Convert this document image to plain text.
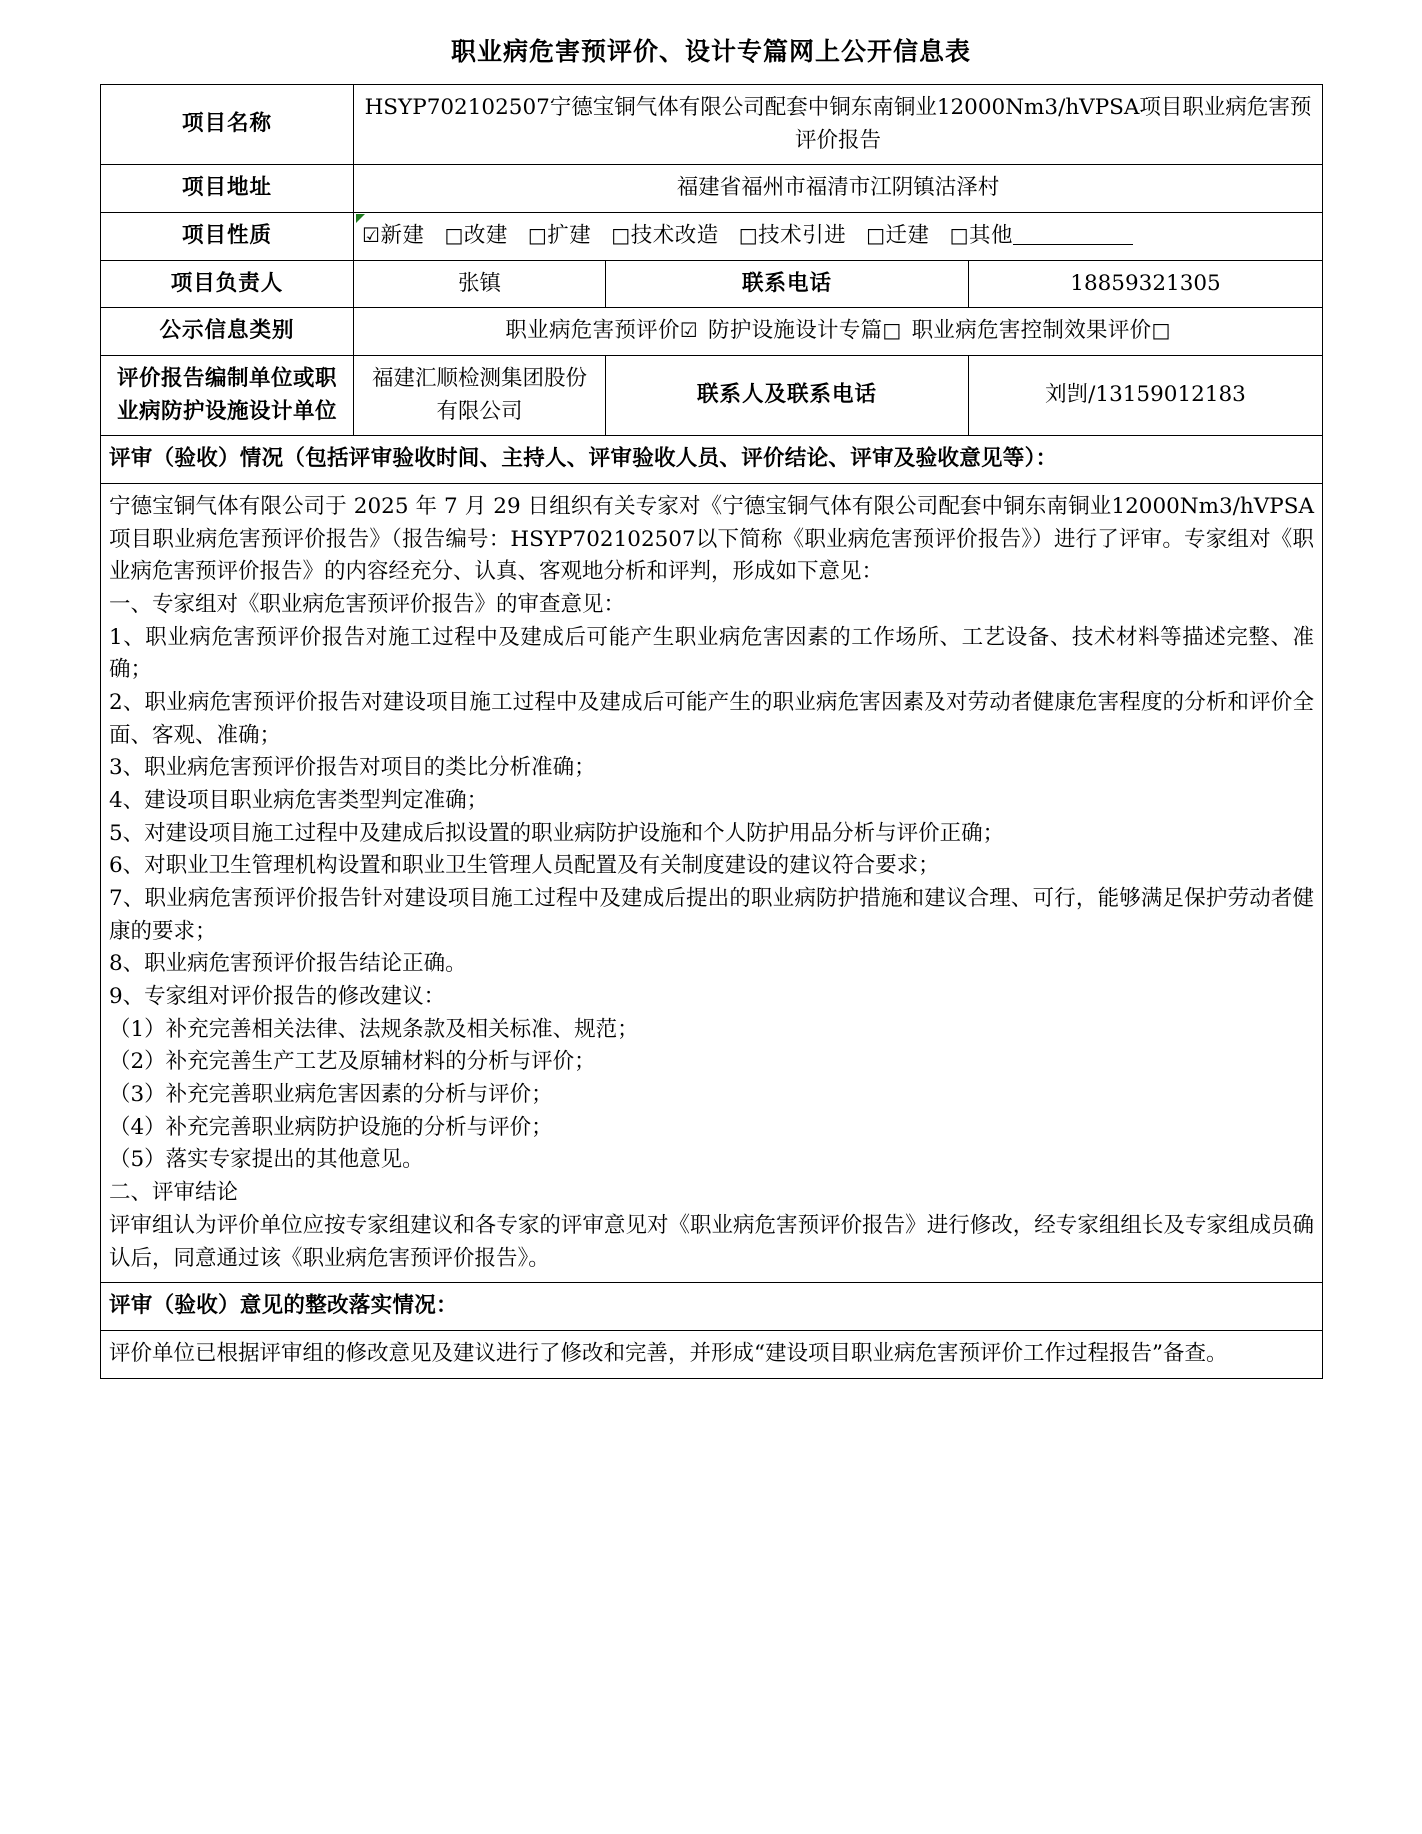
职业病危害预评价、设计专篇网上公开信息表
项目名称	HSYP702102507宁德宝铜气体有限公司配套中铜东南铜业12000Nm3/hVPSA项目职业病危害预评价报告		
项目地址	福建省福州市福清市江阴镇沽泽村		
项目性质	☑新建 □改建 □扩建 □技术改造 □技术引进 □迁建 □其他		
项目负责人	张镇	联系电话	18859321305
公示信息类别	职业病危害预评价☑ 防护设施设计专篇□ 职业病危害控制效果评价□		
评价报告编制单位或职业病防护设施设计单位	福建汇顺检测集团股份有限公司	联系人及联系电话	刘剀/13159012183
评审（验收）情况（包括评审验收时间、主持人、评审验收人员、评价结论、评审及验收意见等）：			

宁德宝铜气体有限公司于 2025 年 7 月 29 日组织有关专家对《宁德宝铜气体有限公司配套中铜东南铜业12000Nm3/hVPSA项目职业病危害预评价报告》（报告编号：HSYP702102507以下简称《职业病危害预评价报告》）进行了评审。专家组对《职业病危害预评价报告》的内容经充分、认真、客观地分析和评判，形成如下意见：

一、专家组对《职业病危害预评价报告》的审查意见：

1、职业病危害预评价报告对施工过程中及建成后可能产生职业病危害因素的工作场所、工艺设备、技术材料等描述完整、准确；

2、职业病危害预评价报告对建设项目施工过程中及建成后可能产生的职业病危害因素及对劳动者健康危害程度的分析和评价全面、客观、准确；

3、职业病危害预评价报告对项目的类比分析准确；

4、建设项目职业病危害类型判定准确；

5、对建设项目施工过程中及建成后拟设置的职业病防护设施和个人防护用品分析与评价正确；

6、对职业卫生管理机构设置和职业卫生管理人员配置及有关制度建设的建议符合要求；

7、职业病危害预评价报告针对建设项目施工过程中及建成后提出的职业病防护措施和建议合理、可行，能够满足保护劳动者健康的要求；

8、职业病危害预评价报告结论正确。

9、专家组对评价报告的修改建议：

（1）补充完善相关法律、法规条款及相关标准、规范；

（2）补充完善生产工艺及原辅材料的分析与评价；

（3）补充完善职业病危害因素的分析与评价；

（4）补充完善职业病防护设施的分析与评价；

（5）落实专家提出的其他意见。

二、评审结论

评审组认为评价单位应按专家组建议和各专家的评审意见对《职业病危害预评价报告》进行修改，经专家组组长及专家组成员确认后，同意通过该《职业病危害预评价报告》。

评审（验收）意见的整改落实情况：			

评价单位已根据评审组的修改意见及建议进行了修改和完善，并形成“建设项目职业病危害预评价工作过程报告”备查。			
